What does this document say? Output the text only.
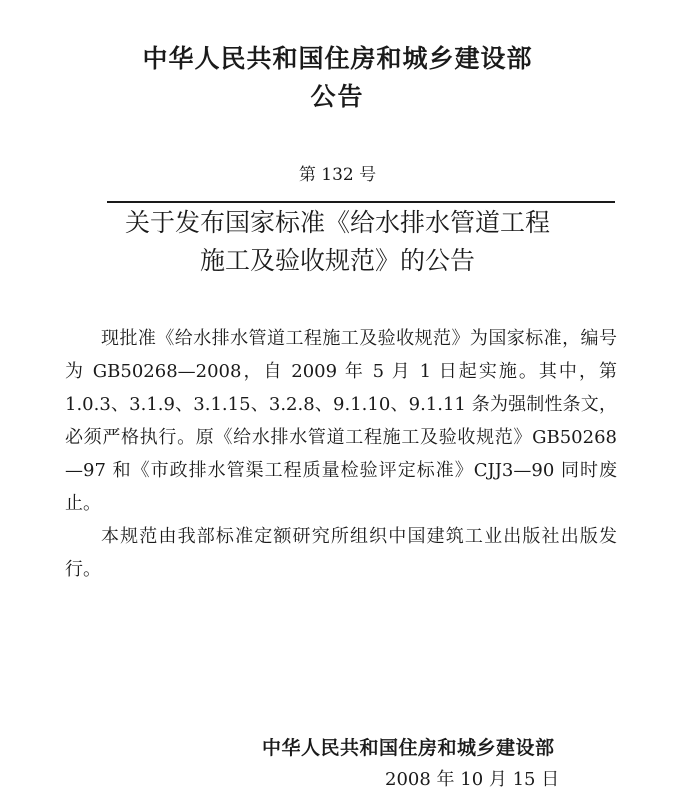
中华人民共和国住房和城乡建设部
公告
第 132 号
关于发布国家标准《给水排水管道工程
施工及验收规范》的公告

现批准《给水排水管道工程施工及验收规范》为国家标准，编号为 GB50268—2008，自 2009 年 5 月 1 日起实施。其中，第 1.0.3、3.1.9、3.1.15、3.2.8、9.1.10、9.1.11 条为强制性条文，必须严格执行。原《给水排水管道工程施工及验收规范》GB50268—97 和《市政排水管渠工程质量检验评定标准》CJJ3—90 同时废止。

本规范由我部标准定额研究所组织中国建筑工业出版社出版发行。

中华人民共和国住房和城乡建设部
2008 年 10 月 15 日
